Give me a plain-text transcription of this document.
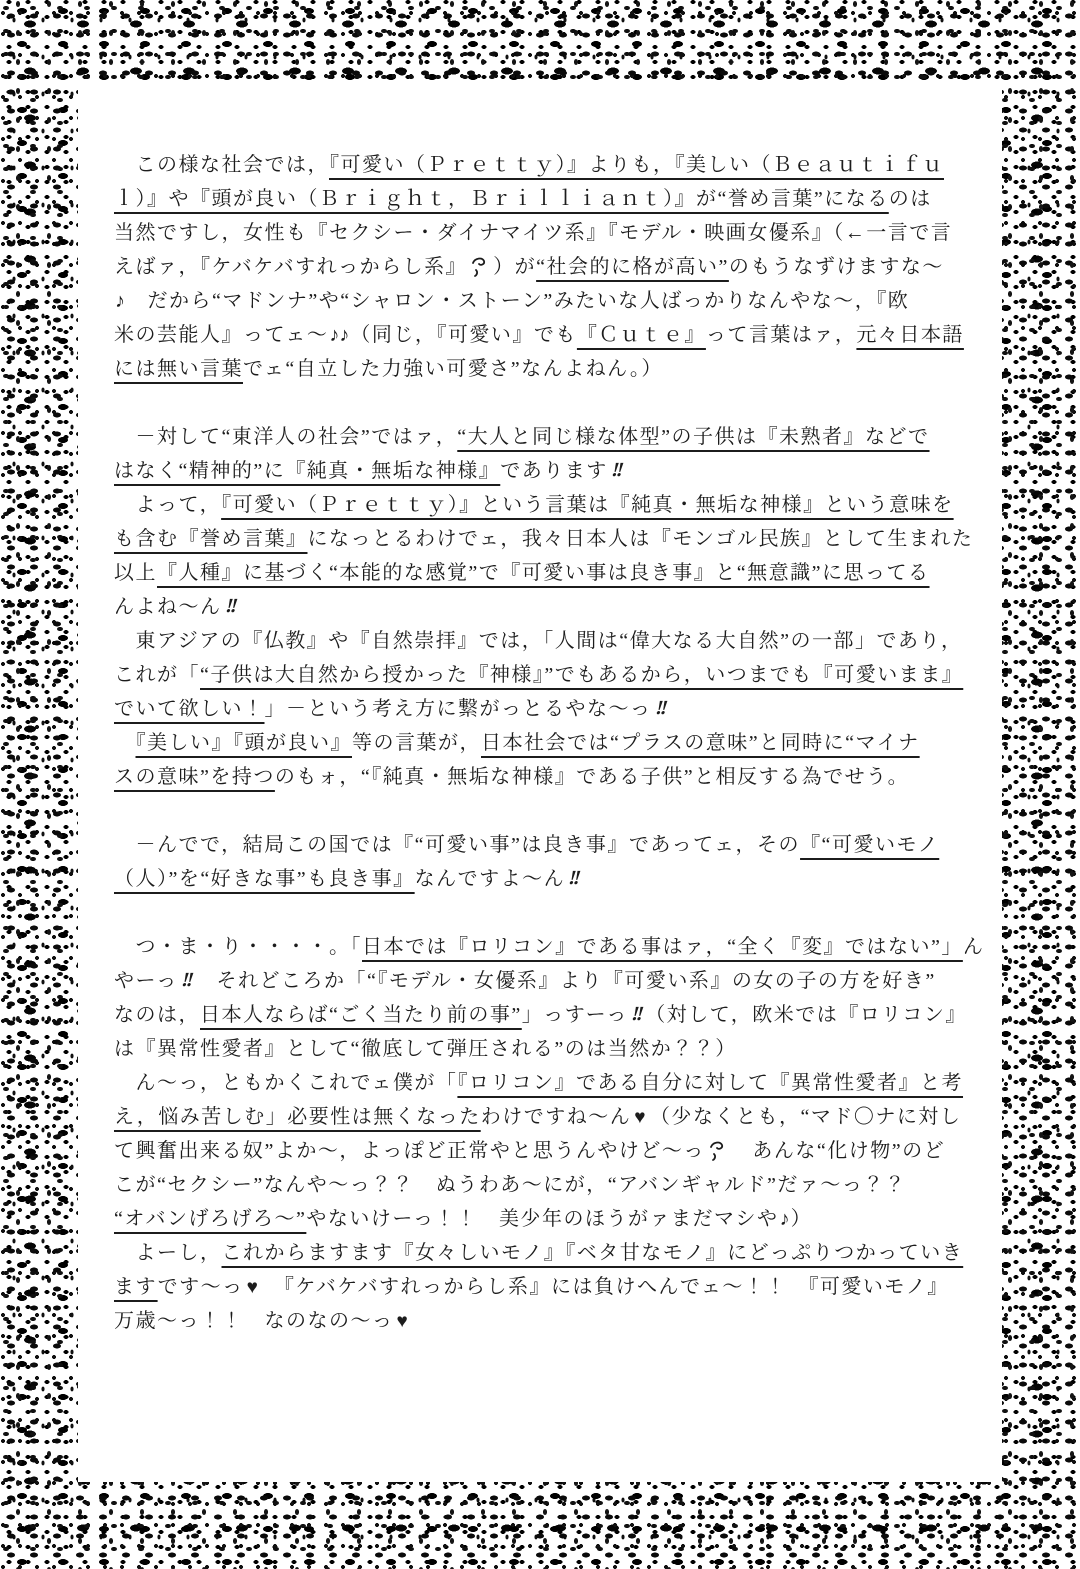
　この様な社会では，『可愛い（Ｐｒｅｔｔｙ）』よりも，『美しい（Ｂｅａｕｔｉｆｕ
ｌ）』や『頭が良い（Ｂｒｉｇｈｔ，Ｂｒｉｌｌｉａｎｔ）』が“誉め言葉”になるのは
当然ですし，女性も『セクシー・ダイナマイツ系』『モデル・映画女優系』（←一言で言
えばァ，『ケバケバすれっからし系』 ）が“社会的に格が高い”のもうなずけますな～
♪　だから“マドンナ”や“シャロン・ストーン”みたいな人ばっかりなんやな～，『欧
米の芸能人』ってェ～♪♪（同じ，『可愛い』でも『Ｃｕｔｅ』って言葉はァ，元々日本語
には無い言葉でェ“自立した力強い可愛さ”なんよねん。）
　－対して“東洋人の社会”ではァ，“大人と同じ様な体型”の子供は『未熟者』などで
はなく“精神的”に『純真・無垢な神様』であります!!
　よって，『可愛い（Ｐｒｅｔｔｙ）』という言葉は『純真・無垢な神様』という意味を
も含む『誉め言葉』になっとるわけでェ，我々日本人は『モンゴル民族』として生まれた
以上『人種』に基づく“本能的な感覚”で『可愛い事は良き事』と“無意識”に思ってる
んよね～ん!!
　東アジアの『仏教』や『自然崇拝』では，「人間は“偉大なる大自然”の一部」であり，
これが「“子供は大自然から授かった『神様』”でもあるから，いつまでも『可愛いまま』
でいて欲しい！」－という考え方に繋がっとるやな～っ!!
　『美しい』『頭が良い』等の言葉が，日本社会では“プラスの意味”と同時に“マイナ
スの意味”を持つのもォ，“『純真・無垢な神様』である子供”と相反する為でせう。
　－んでで，結局この国では『“可愛い事”は良き事』であってェ，その『“可愛いモノ
（人）”を“好きな事”も良き事』なんですよ～ん!!
　つ・ま・り・・・・。「日本では『ロリコン』である事はァ，“全く『変』ではない”」ん
やーっ!!　それどころか「“『モデル・女優系』より『可愛い系』の女の子の方を好き”
なのは，日本人ならば“ごく当たり前の事”」っすーっ!!（対して，欧米では『ロリコン』
は『異常性愛者』として“徹底して弾圧される”のは当然か？？）
　ん～っ，ともかくこれでェ僕が「『ロリコン』である自分に対して『異常性愛者』と考
え，悩み苦しむ」必要性は無くなったわけですね～ん ♥ （少なくとも，“マド〇ナに対し
て興奮出来る奴”よか～，よっぽど正常やと思うんやけど～っ　あんな“化け物”のど
こが“セクシー”なんや～っ？？　ぬうわあ～にが，“アバンギャルド”だァ～っ？？
“オバンげろげろ～”やないけーっ！！　美少年のほうがァまだマシや♪）
　よーし，これからますます『女々しいモノ』『ベタ甘なモノ』にどっぷりつかっていき
ますです～っ ♥　『ケバケバすれっからし系』には負けへんでェ～！！　『可愛いモノ』
万歳～っ！！　なのなの～っ ♥
